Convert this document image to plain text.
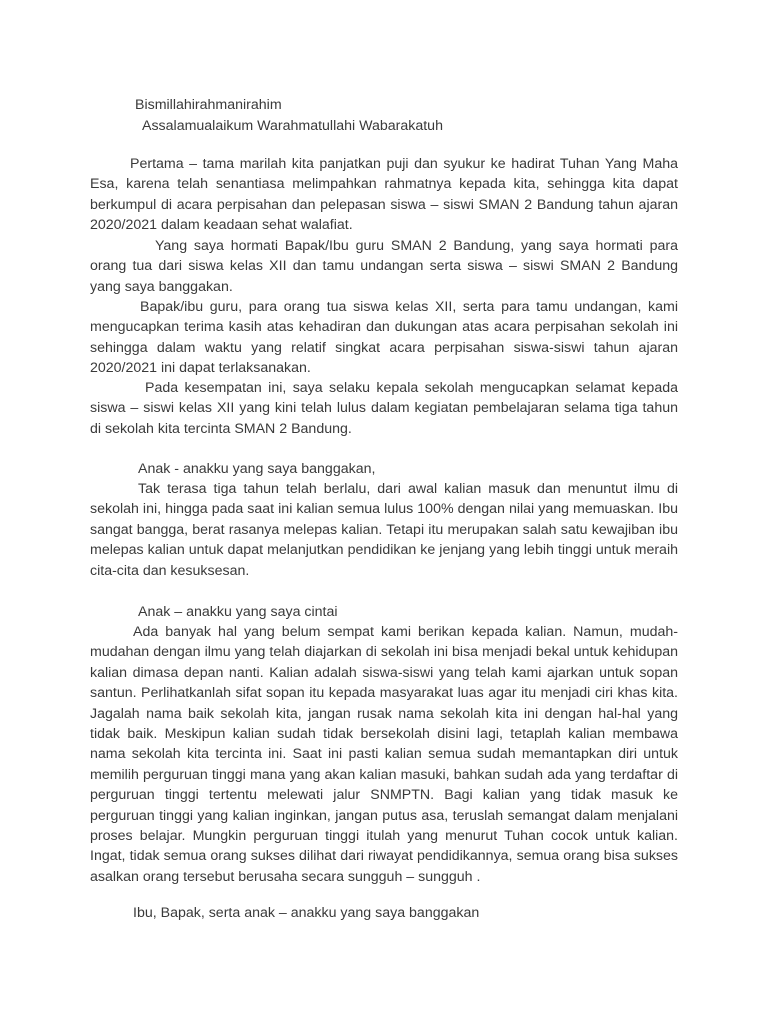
Bismillahirahmanirahim
Assalamualaikum Warahmatullahi Wabarakatuh
Pertama – tama marilah kita panjatkan puji dan syukur ke hadirat Tuhan Yang Maha Esa, karena telah senantiasa melimpahkan rahmatnya kepada kita, sehingga kita dapat berkumpul di acara perpisahan dan pelepasan siswa – siswi SMAN 2 Bandung tahun ajaran 2020/2021 dalam keadaan sehat walafiat.
Yang saya hormati Bapak/Ibu guru SMAN 2 Bandung, yang saya hormati para orang tua dari siswa kelas XII dan tamu undangan serta siswa – siswi SMAN 2 Bandung yang saya banggakan.
Bapak/ibu guru, para orang tua siswa kelas XII, serta para tamu undangan, kami mengucapkan terima kasih atas kehadiran dan dukungan atas acara perpisahan sekolah ini sehingga dalam waktu yang relatif singkat acara perpisahan siswa-siswi tahun ajaran 2020/2021 ini dapat terlaksanakan.
Pada kesempatan ini, saya selaku kepala sekolah mengucapkan selamat kepada siswa – siswi kelas XII yang kini telah lulus dalam kegiatan pembelajaran selama tiga tahun di sekolah kita tercinta SMAN 2 Bandung.
Anak - anakku yang saya banggakan,
Tak terasa tiga tahun telah berlalu, dari awal kalian masuk dan menuntut ilmu di sekolah ini, hingga pada saat ini kalian semua lulus 100% dengan nilai yang memuaskan. Ibu sangat bangga, berat rasanya melepas kalian. Tetapi itu merupakan salah satu kewajiban ibu melepas kalian untuk dapat melanjutkan pendidikan ke jenjang yang lebih tinggi untuk meraih cita-cita dan kesuksesan.
Anak – anakku yang saya cintai
Ada banyak hal yang belum sempat kami berikan kepada kalian. Namun, mudah-mudahan dengan ilmu yang telah diajarkan di sekolah ini bisa menjadi bekal untuk kehidupan kalian dimasa depan nanti. Kalian adalah siswa-siswi yang telah kami ajarkan untuk sopan santun. Perlihatkanlah sifat sopan itu kepada masyarakat luas agar itu menjadi ciri khas kita. Jagalah nama baik sekolah kita, jangan rusak nama sekolah kita ini dengan hal-hal yang tidak baik. Meskipun kalian sudah tidak bersekolah disini lagi, tetaplah kalian membawa nama sekolah kita tercinta ini. Saat ini pasti kalian semua sudah memantapkan diri untuk memilih perguruan tinggi mana yang akan kalian masuki, bahkan sudah ada yang terdaftar di perguruan tinggi tertentu melewati jalur SNMPTN. Bagi kalian yang tidak masuk ke perguruan tinggi yang kalian inginkan, jangan putus asa, teruslah semangat dalam menjalani proses belajar. Mungkin perguruan tinggi itulah yang menurut Tuhan cocok untuk kalian. Ingat, tidak semua orang sukses dilihat dari riwayat pendidikannya, semua orang bisa sukses asalkan orang tersebut berusaha secara sungguh – sungguh .
Ibu, Bapak, serta anak – anakku yang saya banggakan
